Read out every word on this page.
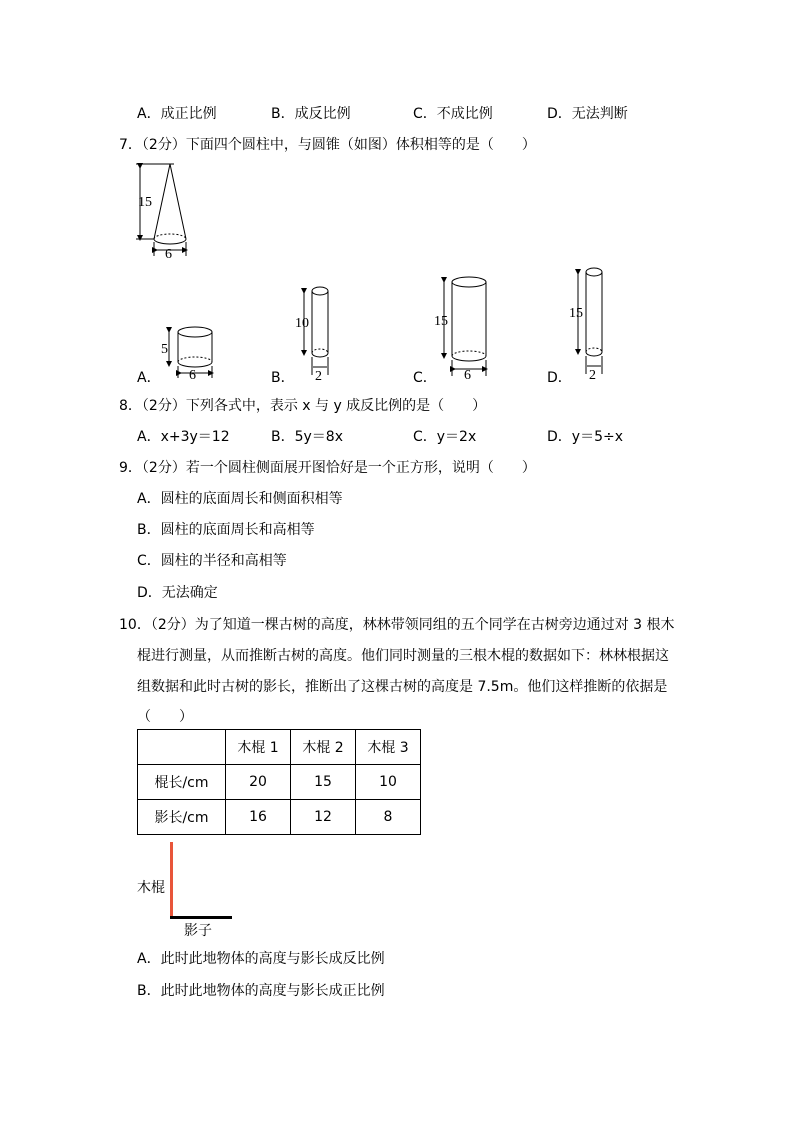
A．成正比例	B．成反比例	C．不成比例	D．无法判断
7．（2分）下面四个圆柱中，与圆锥（如图）体积相等的是（　　）
15
6
A．
5
6	B．
10
2	C．
15
6	D．
15
2
8．（2分）下列各式中，表示 x 与 y 成反比例的是（　　）
A．x+3y＝12	B．5y＝8x	C．y＝2x	D．y＝5÷x
9．（2分）若一个圆柱侧面展开图恰好是一个正方形，说明（　　）
A．圆柱的底面周长和侧面积相等
B．圆柱的底面周长和高相等
C．圆柱的半径和高相等
D．无法确定
10．（2分）为了知道一棵古树的高度，林林带领同组的五个同学在古树旁边通过对 3 根木
棍进行测量，从而推断古树的高度。他们同时测量的三根木棍的数据如下：林林根据这
组数据和此时古树的影长，推断出了这棵古树的高度是 7.5m。他们这样推断的依据是
（　　）
	木棍 1	木棍 2	木棍 3
棍长/cm	20	15	10
影长/cm	16	12	8
木棍
影子
A．此时此地物体的高度与影长成反比例
B．此时此地物体的高度与影长成正比例
